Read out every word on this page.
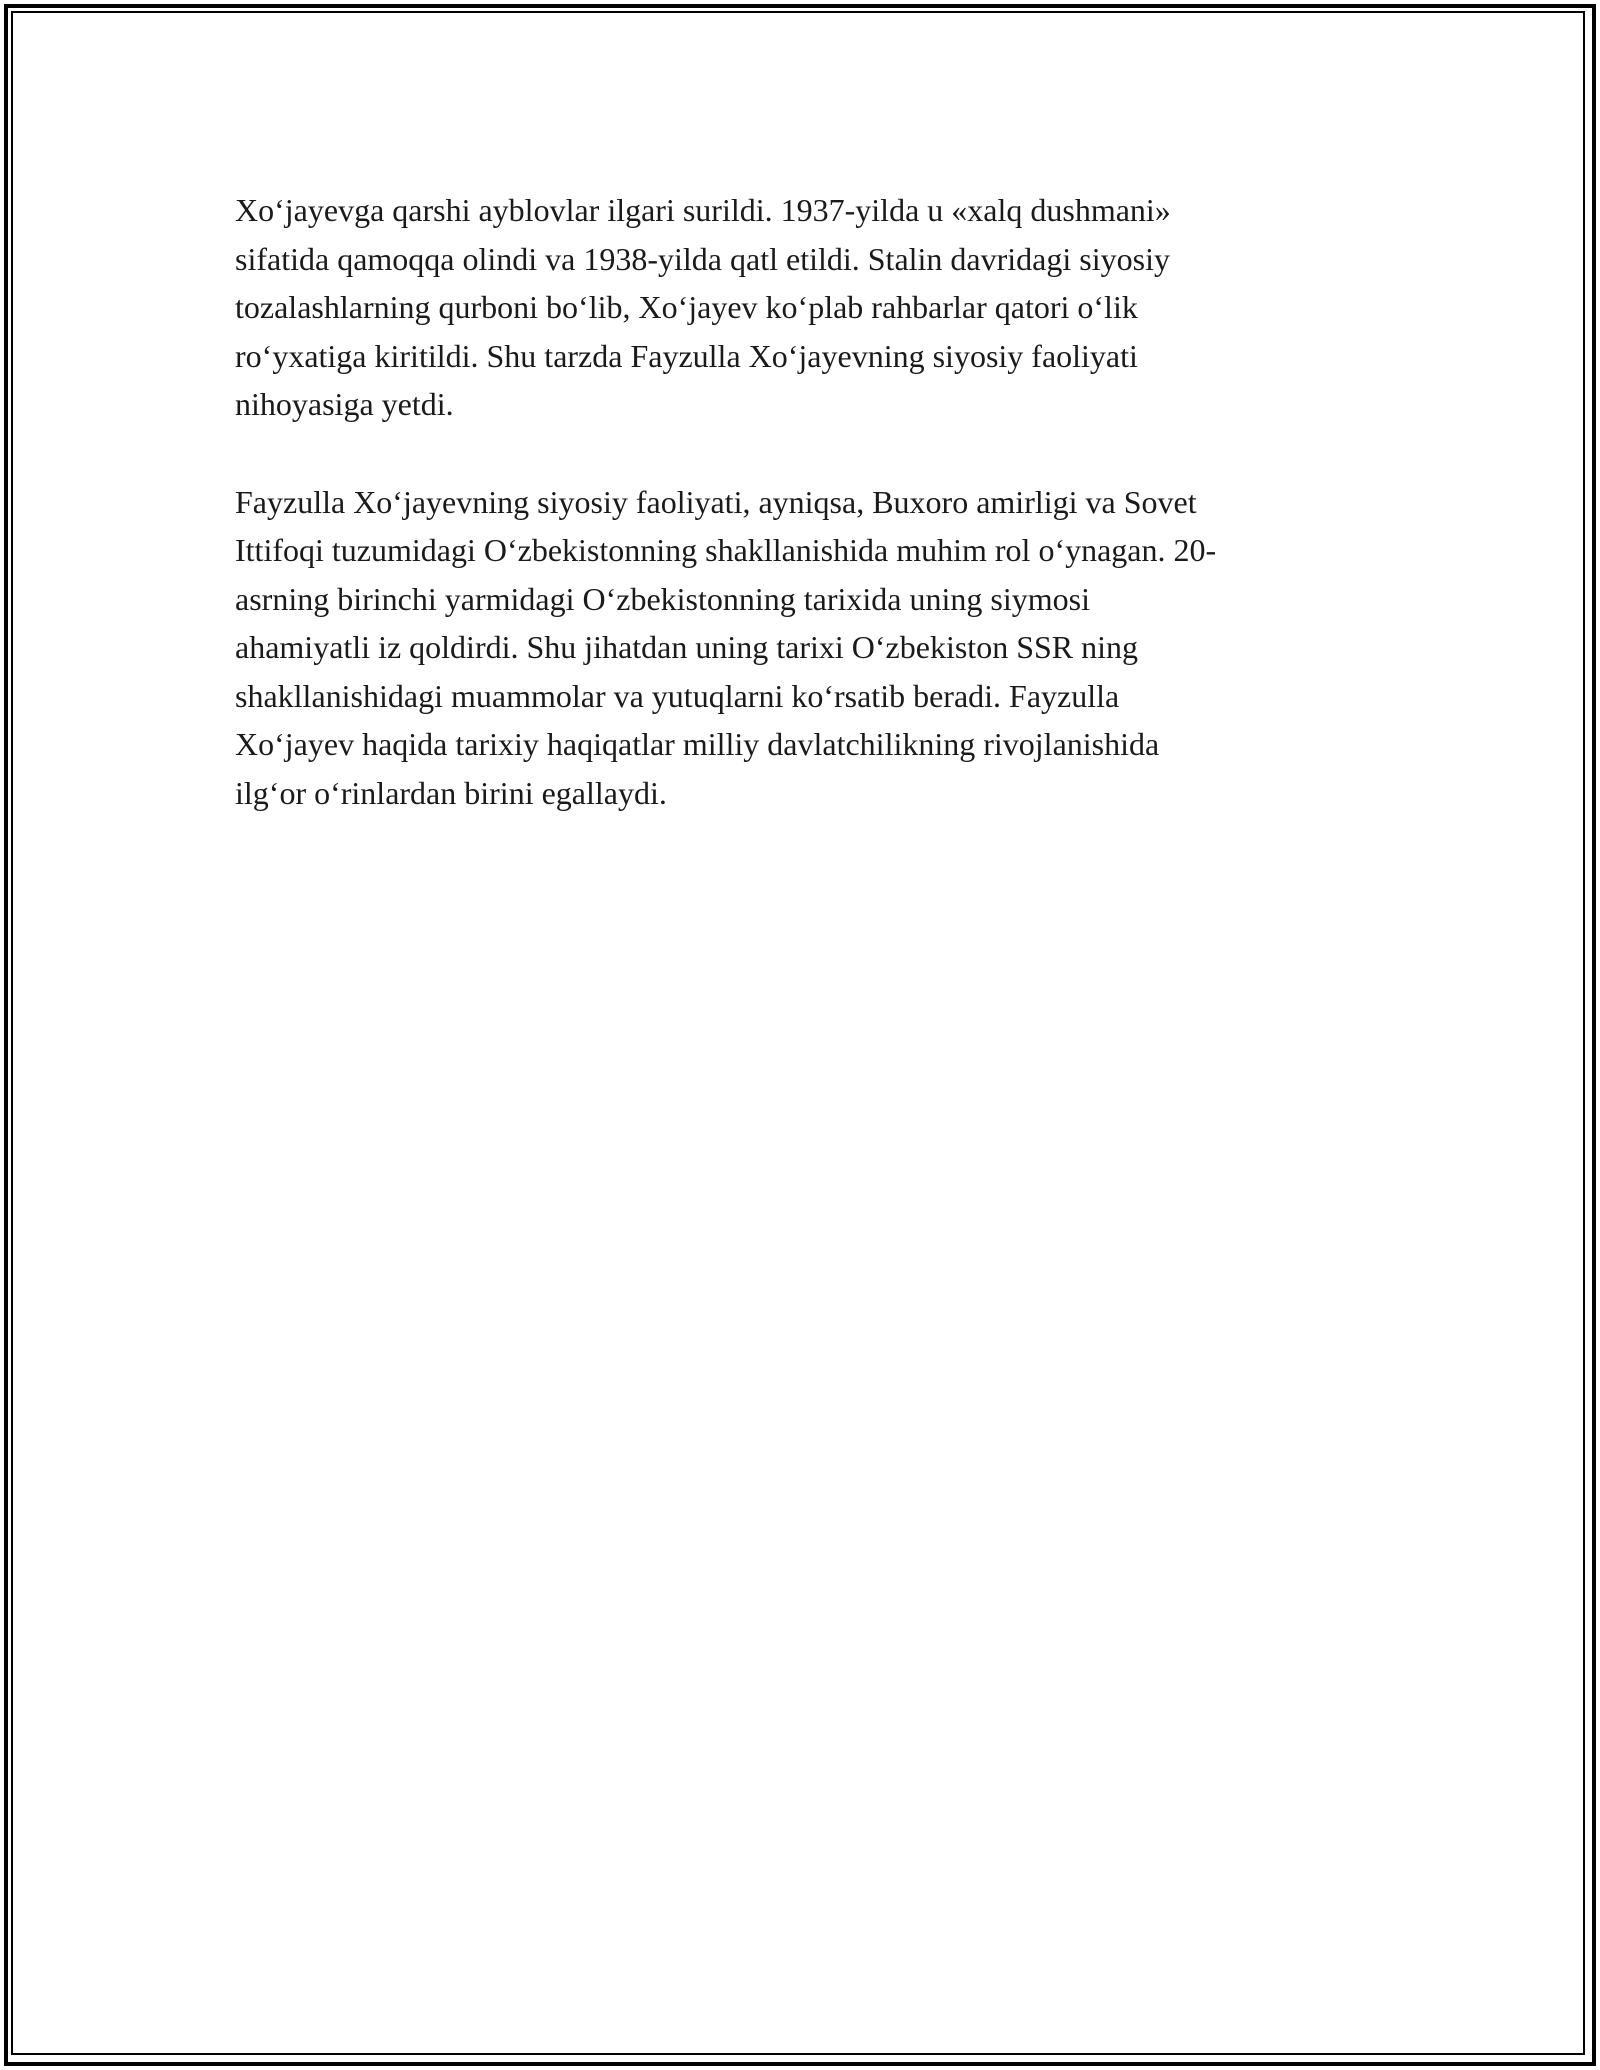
Xo‘jayevga qarshi ayblovlar ilgari surildi. 1937-yilda u «xalq dushmani»
sifatida qamoqqa olindi va 1938-yilda qatl etildi. Stalin davridagi siyosiy
tozalashlarning qurboni bo‘lib, Xo‘jayev ko‘plab rahbarlar qatori o‘lik
ro‘yxatiga kiritildi. Shu tarzda Fayzulla Xo‘jayevning siyosiy faoliyati
nihoyasiga yetdi.

Fayzulla Xo‘jayevning siyosiy faoliyati, ayniqsa, Buxoro amirligi va Sovet
Ittifoqi tuzumidagi O‘zbekistonning shakllanishida muhim rol o‘ynagan. 20-
asrning birinchi yarmidagi O‘zbekistonning tarixida uning siymosi
ahamiyatli iz qoldirdi. Shu jihatdan uning tarixi O‘zbekiston SSR ning
shakllanishidagi muammolar va yutuqlarni ko‘rsatib beradi. Fayzulla
Xo‘jayev haqida tarixiy haqiqatlar milliy davlatchilikning rivojlanishida
ilg‘or o‘rinlardan birini egallaydi.
